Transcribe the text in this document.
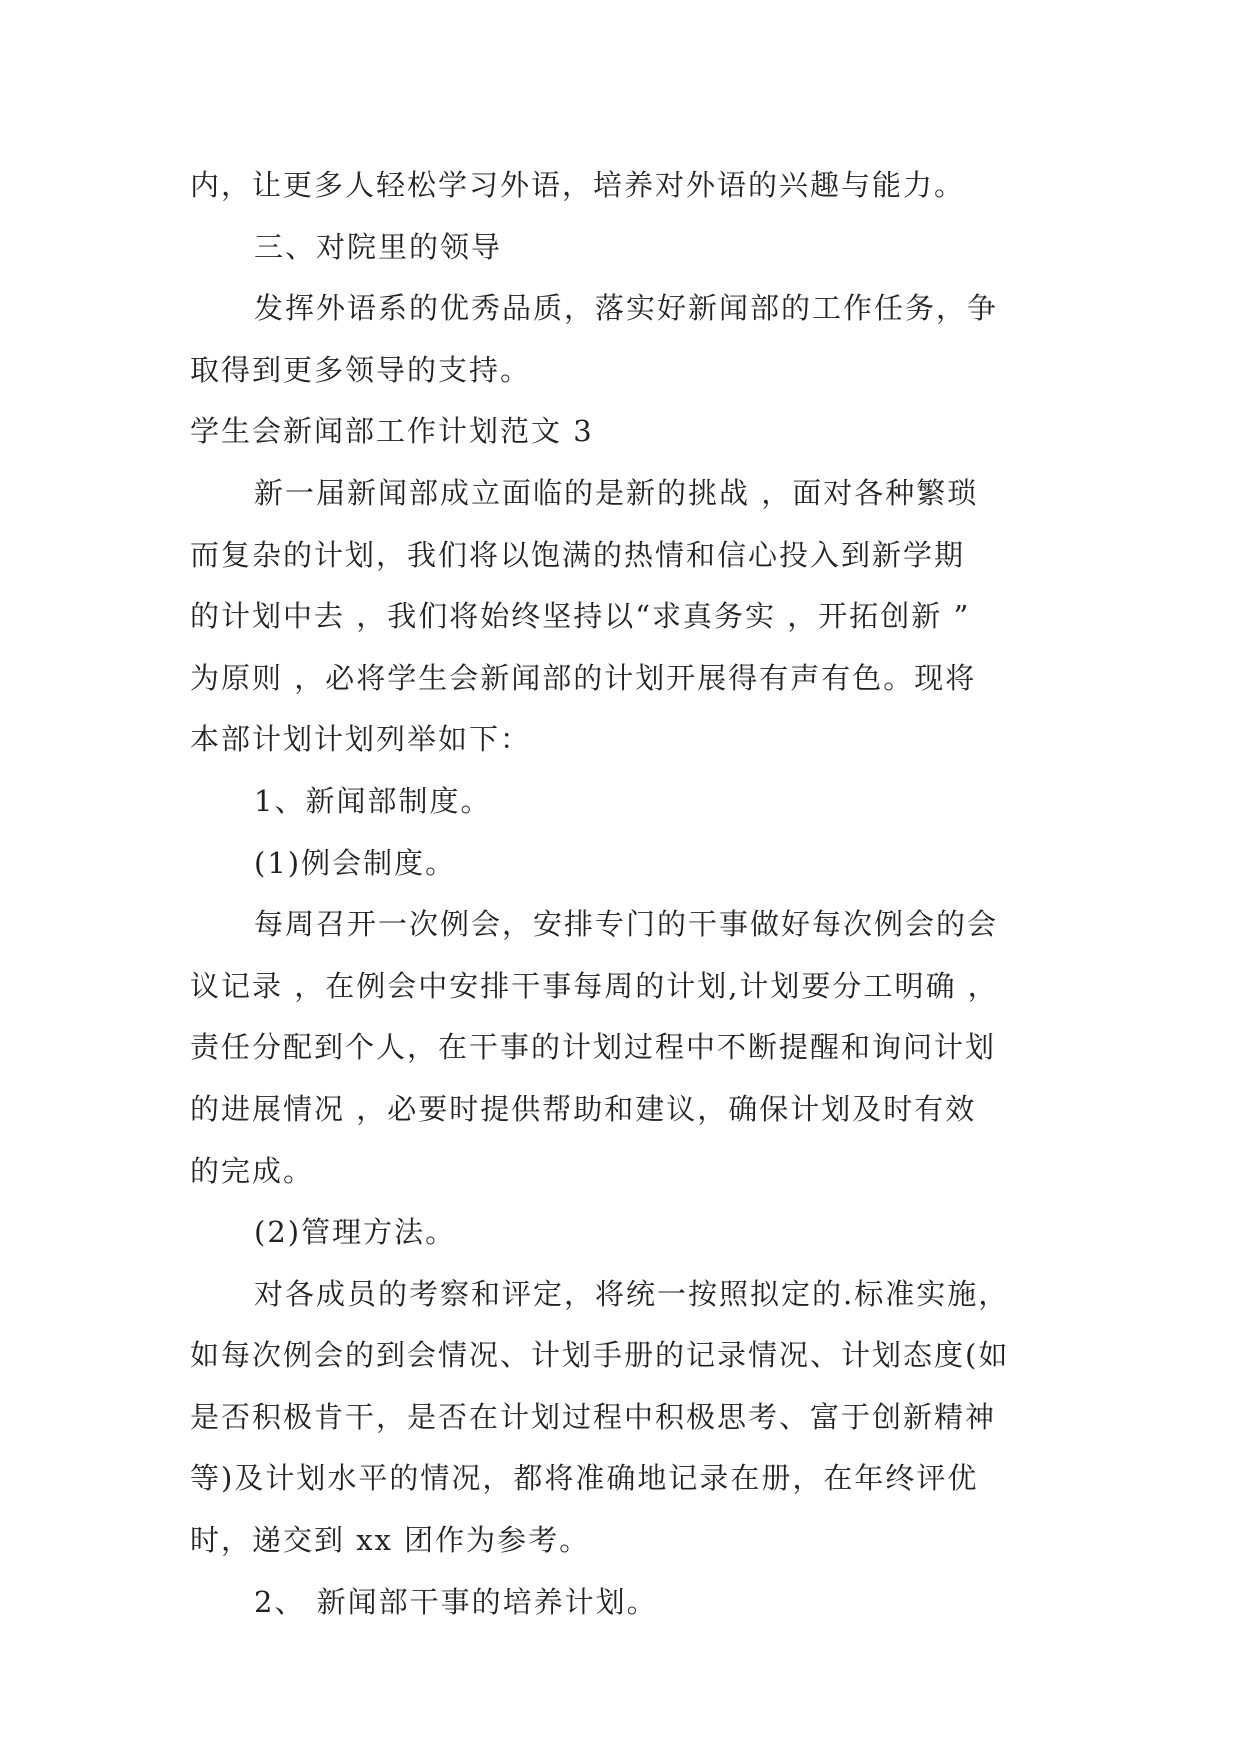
内，让更多人轻松学习外语，培养对外语的兴趣与能力。
三、对院里的领导
发挥外语系的优秀品质，落实好新闻部的工作任务，争
取得到更多领导的支持。
学生会新闻部工作计划范文 3
新一届新闻部成立面临的是新的挑战 ，面对各种繁琐
而复杂的计划，我们将以饱满的热情和信心投入到新学期
的计划中去 ，我们将始终坚持以“求真务实 ，开拓创新 ”
为原则 ，必将学生会新闻部的计划开展得有声有色。现将
本部计划计划列举如下：
1、新闻部制度。
(1)例会制度。
每周召开一次例会，安排专门的干事做好每次例会的会
议记录 ，在例会中安排干事每周的计划,计划要分工明确 ，
责任分配到个人，在干事的计划过程中不断提醒和询问计划
的进展情况 ，必要时提供帮助和建议，确保计划及时有效
的完成。
(2)管理方法。
对各成员的考察和评定，将统一按照拟定的.标准实施，
如每次例会的到会情况、计划手册的记录情况、计划态度(如
是否积极肯干，是否在计划过程中积极思考、富于创新精神
等)及计划水平的情况，都将准确地记录在册，在年终评优
时，递交到 xx 团作为参考。
2、 新闻部干事的培养计划。
